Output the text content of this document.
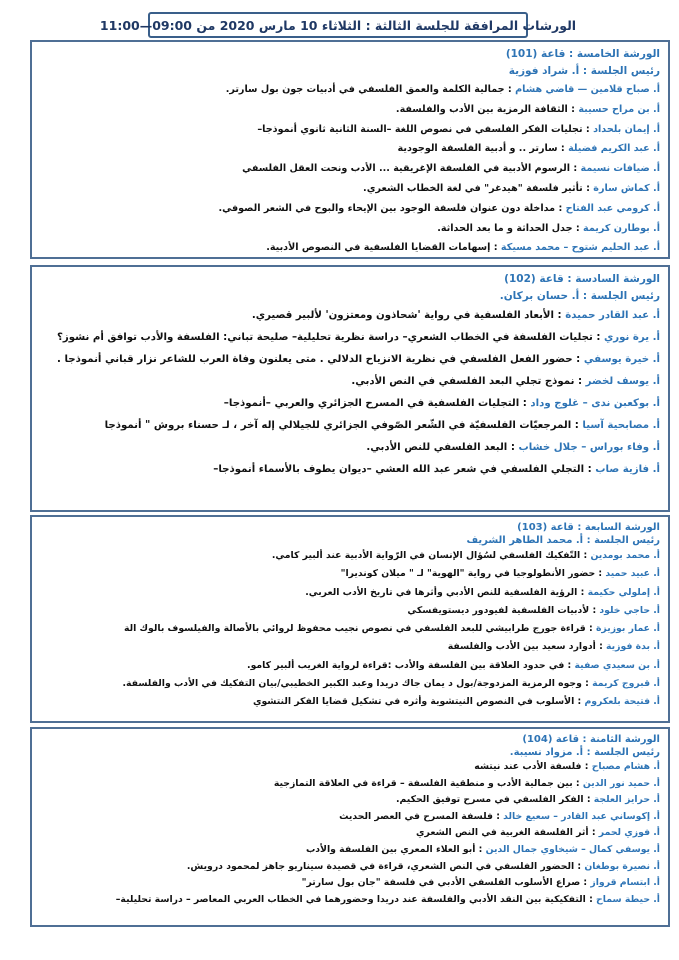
الورشات المرافقة للجلسة الثالثة : الثلاثاء 10 مارس 2020 من 09:00—11:00
الورشة الخامسة : قاعة (101)
رئيس الجلسة : أ. شراد فوزية
أ. صباح قلامين — قاضي هشام : جمالية الكلمة والعمق الفلسفي في أدبيات جون بول سارتر.
أ. بن مراح حسيبة : الثقافة الرمزية بين الأدب والفلسفة.
أ. إيمان بلحداد : تجليات الفكر الفلسفي في نصوص اللغة –السنة الثانية ثانوي أنموذجا–
أ. عبد الكريم فضيلة : سارتر .. و أدبية الفلسفة الوجودية
أ. ضيافات نسيمة : الرسوم الأدبية في الفلسفة الإغريقية ... الأدب ونحت العقل الفلسفي
أ. كماش سارة : تأثير فلسفة "هيدغر" في لغة الخطاب الشعري.
أ. كرومي عبد الفتاح : مداخلة دون عنوان فلسفة الوجود بين الإيحاء والبوح في الشعر الصوفي.
أ. بوطارن كريمة : جدل الحداثة و ما بعد الحداثة.
أ. عبد الحليم شتوح – محمد مسيكة : إسهامات القضايا الفلسفية في النصوص الأدبية.
الورشة السادسة : قاعة (102)
رئيس الجلسة : أ. حسان بركان.
أ. عبد القادر حميدة : الأبعاد الفلسفية في رواية 'شحاذون ومعتزون' لألبير قصيري.
أ. يرة نوري : تجليات الفلسفة في الخطاب الشعري– دراسة نظرية تحليلية– صليحة تباني: الفلسفة والأدب توافق أم نشوز؟
أ. خيرة يوسفي : حضور الفعل الفلسفي في نظرية الانزياح الدلالي . متى يعلنون وفاة العرب للشاعر نزار قباني أنموذجا .
أ. يوسف لخضر : نموذج تجلي البعد الفلسفي في النص الأدبي.
أ. بوكعبن ندى – غلوج وداد : التجليات الفلسفية في المسرح الجزائري والعربي –أنموذجا–
أ. مصابحية آسيا : المرجعيّات الفلسفيّة في الشّعر الصّوفي الجزائري للجيلالي إله آخر ، لـ حسناء بروش " أنموذجا
أ. وفاء بوراس – جلال خشاب : البعد الفلسفي للنص الأدبي.
أ. فازية صاب : التجلي الفلسفي في شعر عبد الله العشي –ديوان يطوف بالأسماء أنموذجا–
الورشة السابعة : قاعة (103)
رئيس الجلسة : أ. محمد الطاهر الشريف
أ. محمد بومدين : التّفكيك الفلسفي لسُؤال الإنسان في الرّواية الأدبية عند ألبير كامي.
أ. عبيد حميد : حضور الأنطولوجيا في رواية "الهوية" لـ " ميلان كونديرا"
أ. إملولي حكيمة : الرؤية الفلسفية للنص الأدبي وأثرها في تاريخ الأدب العربي.
أ. حاجي خلود : لأدبيات الفلسفية لفيودور ديستويفسكي
أ. عمار بوزيزة : قراءة جورج طرابيشي للبعد الفلسفي في نصوص نجيب محفوظ لروائي بالأصالة والفيلسوف بالوك الة
أ. بدة فوزية : أدوارد سعيد بين الأدب والفلسفة
أ. بن سعيدي صفية : في حدود العلاقة بين الفلسفة والأدب :قراءة لرواية الغريب ألبير كامو.
أ. قبروج كريمة : وجوه الرمزية المزدوجة/بول د يمان جاك دريدا وعبد الكبير الخطيبي/بيان التفكيك في الأدب والفلسفة.
أ. فتيحة بلعكروم : الأسلوب في النصوص النيتشوية وأثره في تشكيل قضايا الفكر النتشوي
الورشة الثامنة : قاعة (104)
رئيس الجلسة : أ. مزواد نسيبة.
أ. هشام مصباح : فلسفة الأدب عند نيتشه
أ. حميد نور الدين : بين جمالية الأدب و منطقية الفلسفة – قراءة في العلاقة التمازجية
أ. حرايز العلجة : الفكر الفلسفي في مسرح توفيق الحكيم.
أ. إكوساني عبد القادر – سعيع خالد : فلسفة المسرح في العصر الحديث
أ. فوزي لحمر : أثر الفلسفة الغربية في النص الشعري
أ. يوسفي كمال – شيخاوي جمال الدين : أبو العلاء المعري بين الفلسفة والأدب
أ. نصيرة بوطغان : الحضور الفلسفي في النص الشعري، قراءة في قصيدة سيناريو جاهز لمحمود درويش.
أ. ابتسام قرواز : صراع الأسلوب الفلسفي الأدبي في فلسفة "جان بول سارتر"
أ. حيطة سماح : التفكيكية بين النقد الأدبي والفلسفة عند دريدا وحضورهما في الخطاب العربي المعاصر – دراسة تحليلية–
